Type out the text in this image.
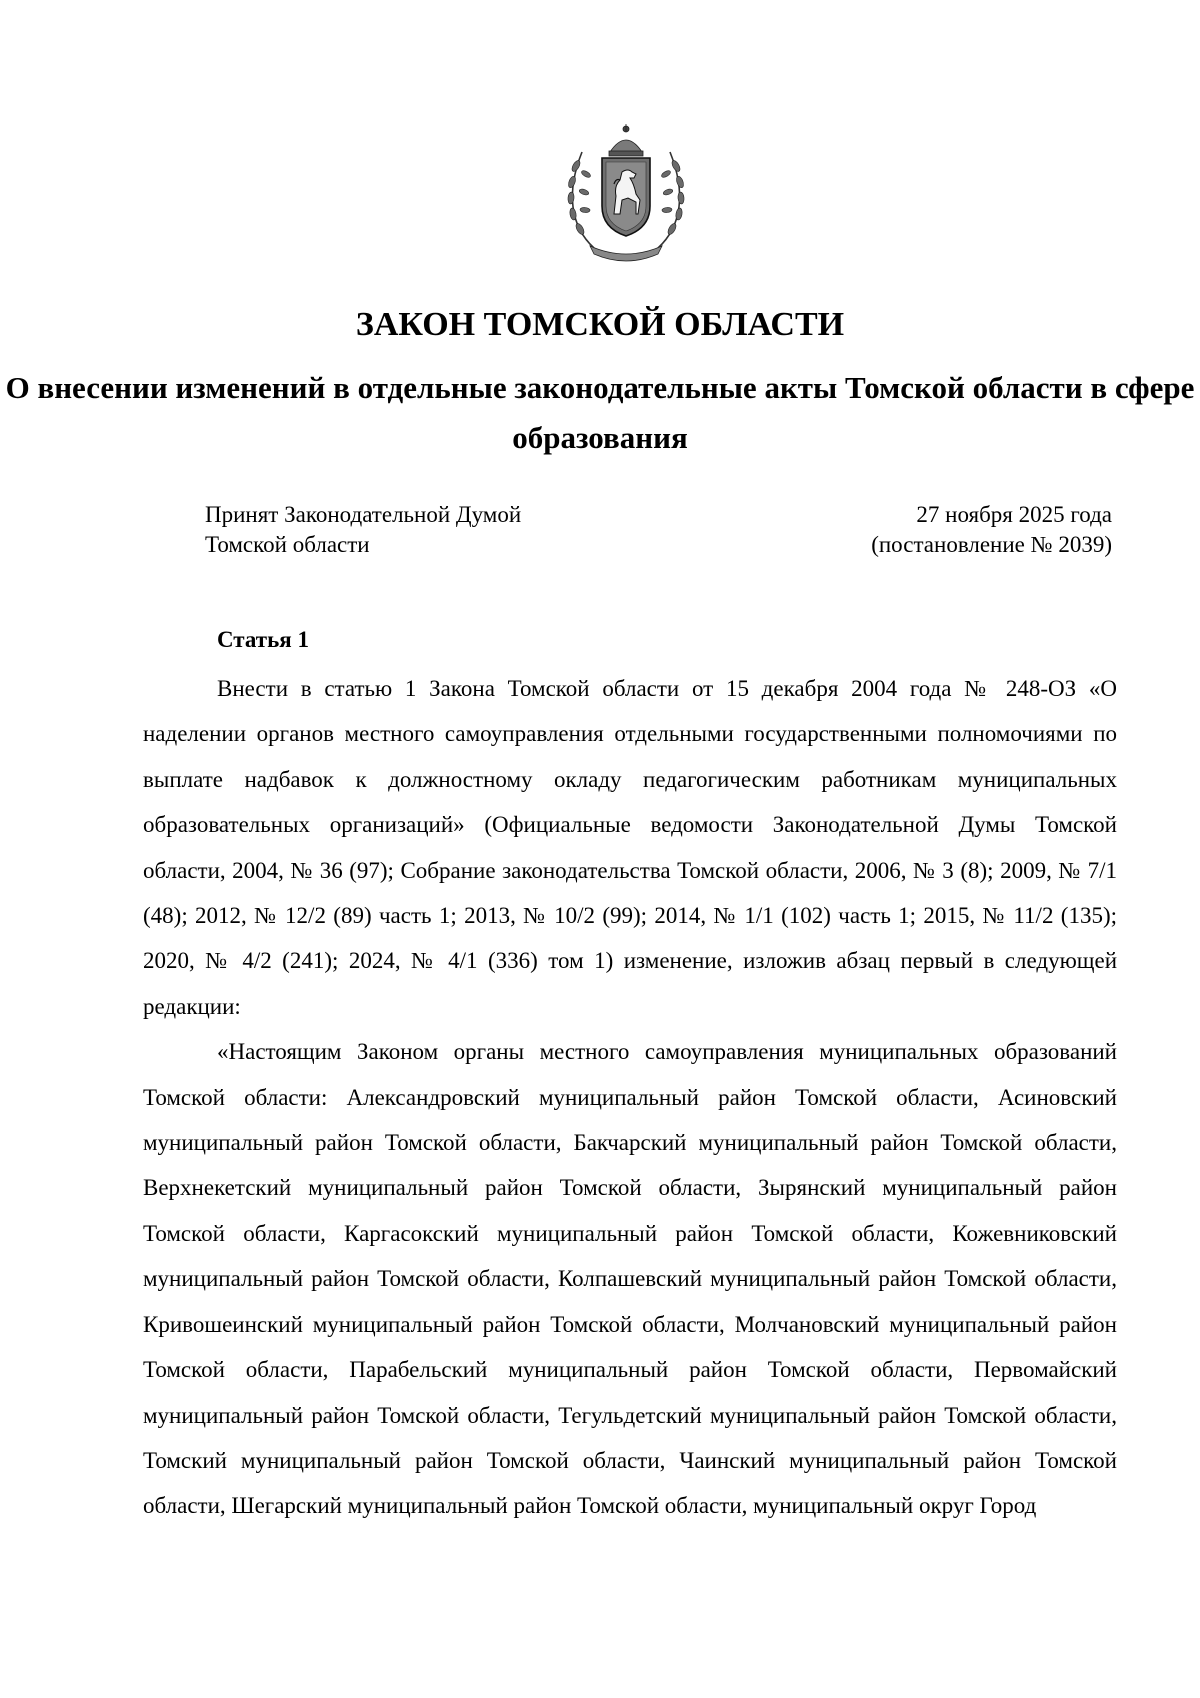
ЗАКОН ТОМСКОЙ ОБЛАСТИ
О внесении изменений в отдельные законодательные акты Томской области в сфере образования
Принят Законодательной Думой
Томской области
27 ноября 2025 года
(постановление № 2039)
Статья 1

Внести в статью 1 Закона Томской области от 15 декабря 2004 года № 248-ОЗ «О наделении органов местного самоуправления отдельными государственными полномочиями по выплате надбавок к должностному окладу педагогическим работникам муниципальных образовательных организаций» (Официальные ведомости Законодательной Думы Томской области, 2004, № 36 (97); Собрание законодательства Томской области, 2006, № 3 (8); 2009, № 7/1 (48); 2012, № 12/2 (89) часть 1; 2013, № 10/2 (99); 2014, № 1/1 (102) часть 1; 2015, № 11/2 (135); 2020, № 4/2 (241); 2024, № 4/1 (336) том 1) изменение, изложив абзац первый в следующей редакции:

«Настоящим Законом органы местного самоуправления муниципальных образований Томской области: Александровский муниципальный район Томской области, Асиновский муниципальный район Томской области, Бакчарский муниципальный район Томской области, Верхнекетский муниципальный район Томской области, Зырянский муниципальный район Томской области, Каргасокский муниципальный район Томской области, Кожевниковский муниципальный район Томской области, Колпашевский муниципальный район Томской области, Кривошеинский муниципальный район Томской области, Молчановский муниципальный район Томской области, Парабельский муниципальный район Томской области, Первомайский муниципальный район Томской области, Тегульдетский муниципальный район Томской области, Томский муниципальный район Томской области, Чаинский муниципальный район Томской области, Шегарский муниципальный район Томской области, муниципальный округ Город
